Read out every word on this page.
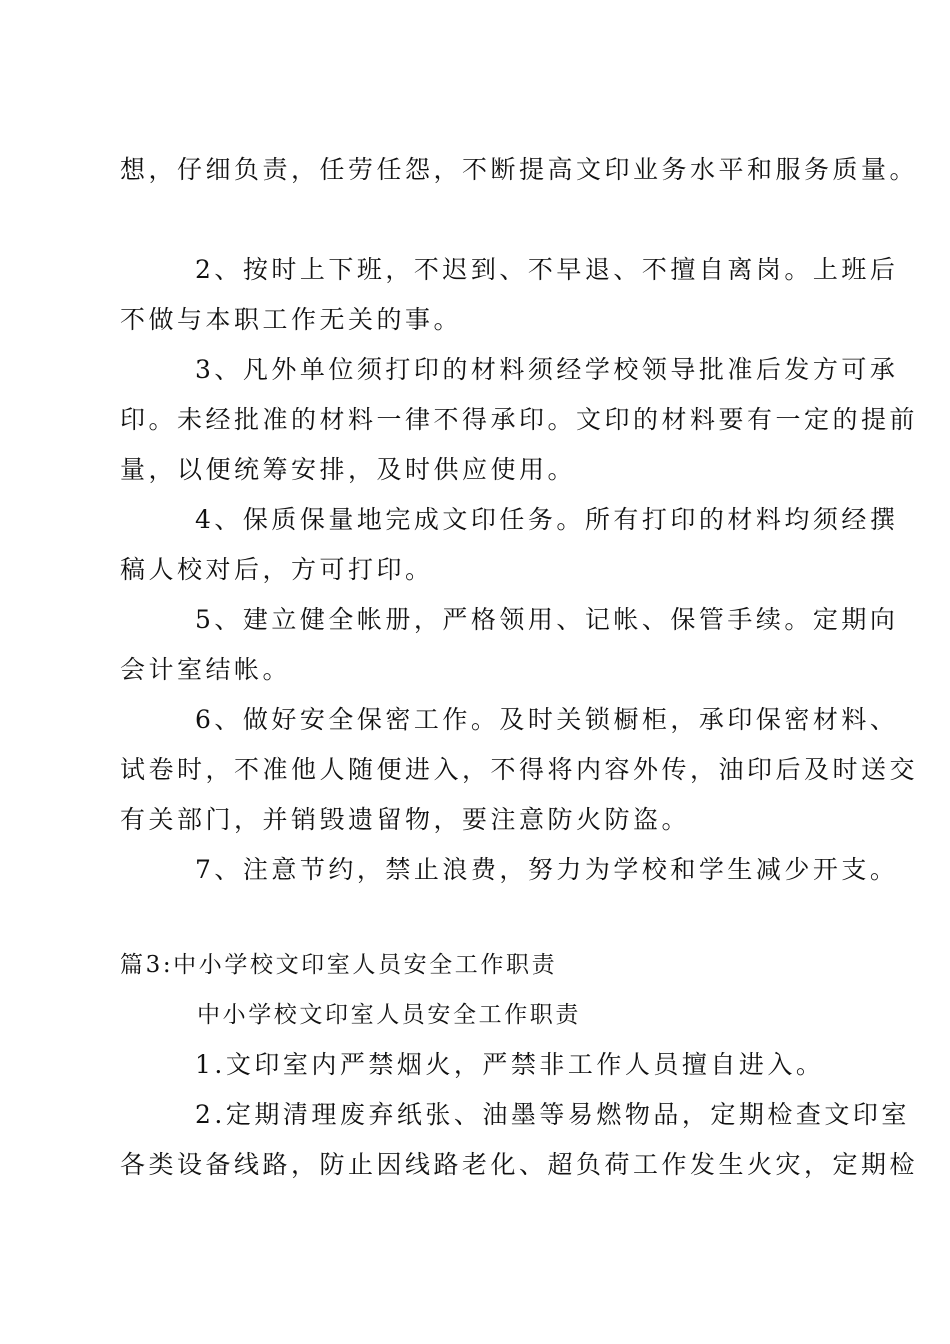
想，仔细负责，任劳任怨，不断提高文印业务水平和服务质量。

2、按时上下班，不迟到、不早退、不擅自离岗。上班后

不做与本职工作无关的事。

3、凡外单位须打印的材料须经学校领导批准后发方可承

印。未经批准的材料一律不得承印。文印的材料要有一定的提前

量，以便统筹安排，及时供应使用。

4、保质保量地完成文印任务。所有打印的材料均须经撰

稿人校对后，方可打印。

5、建立健全帐册，严格领用、记帐、保管手续。定期向

会计室结帐。

6、做好安全保密工作。及时关锁橱柜，承印保密材料、

试卷时，不准他人随便进入，不得将内容外传，油印后及时送交

有关部门，并销毁遗留物，要注意防火防盗。

7、注意节约，禁止浪费，努力为学校和学生减少开支。

篇3:中小学校文印室人员安全工作职责

中小学校文印室人员安全工作职责

1.文印室内严禁烟火，严禁非工作人员擅自进入。

2.定期清理废弃纸张、油墨等易燃物品，定期检查文印室

各类设备线路，防止因线路老化、超负荷工作发生火灾，定期检
